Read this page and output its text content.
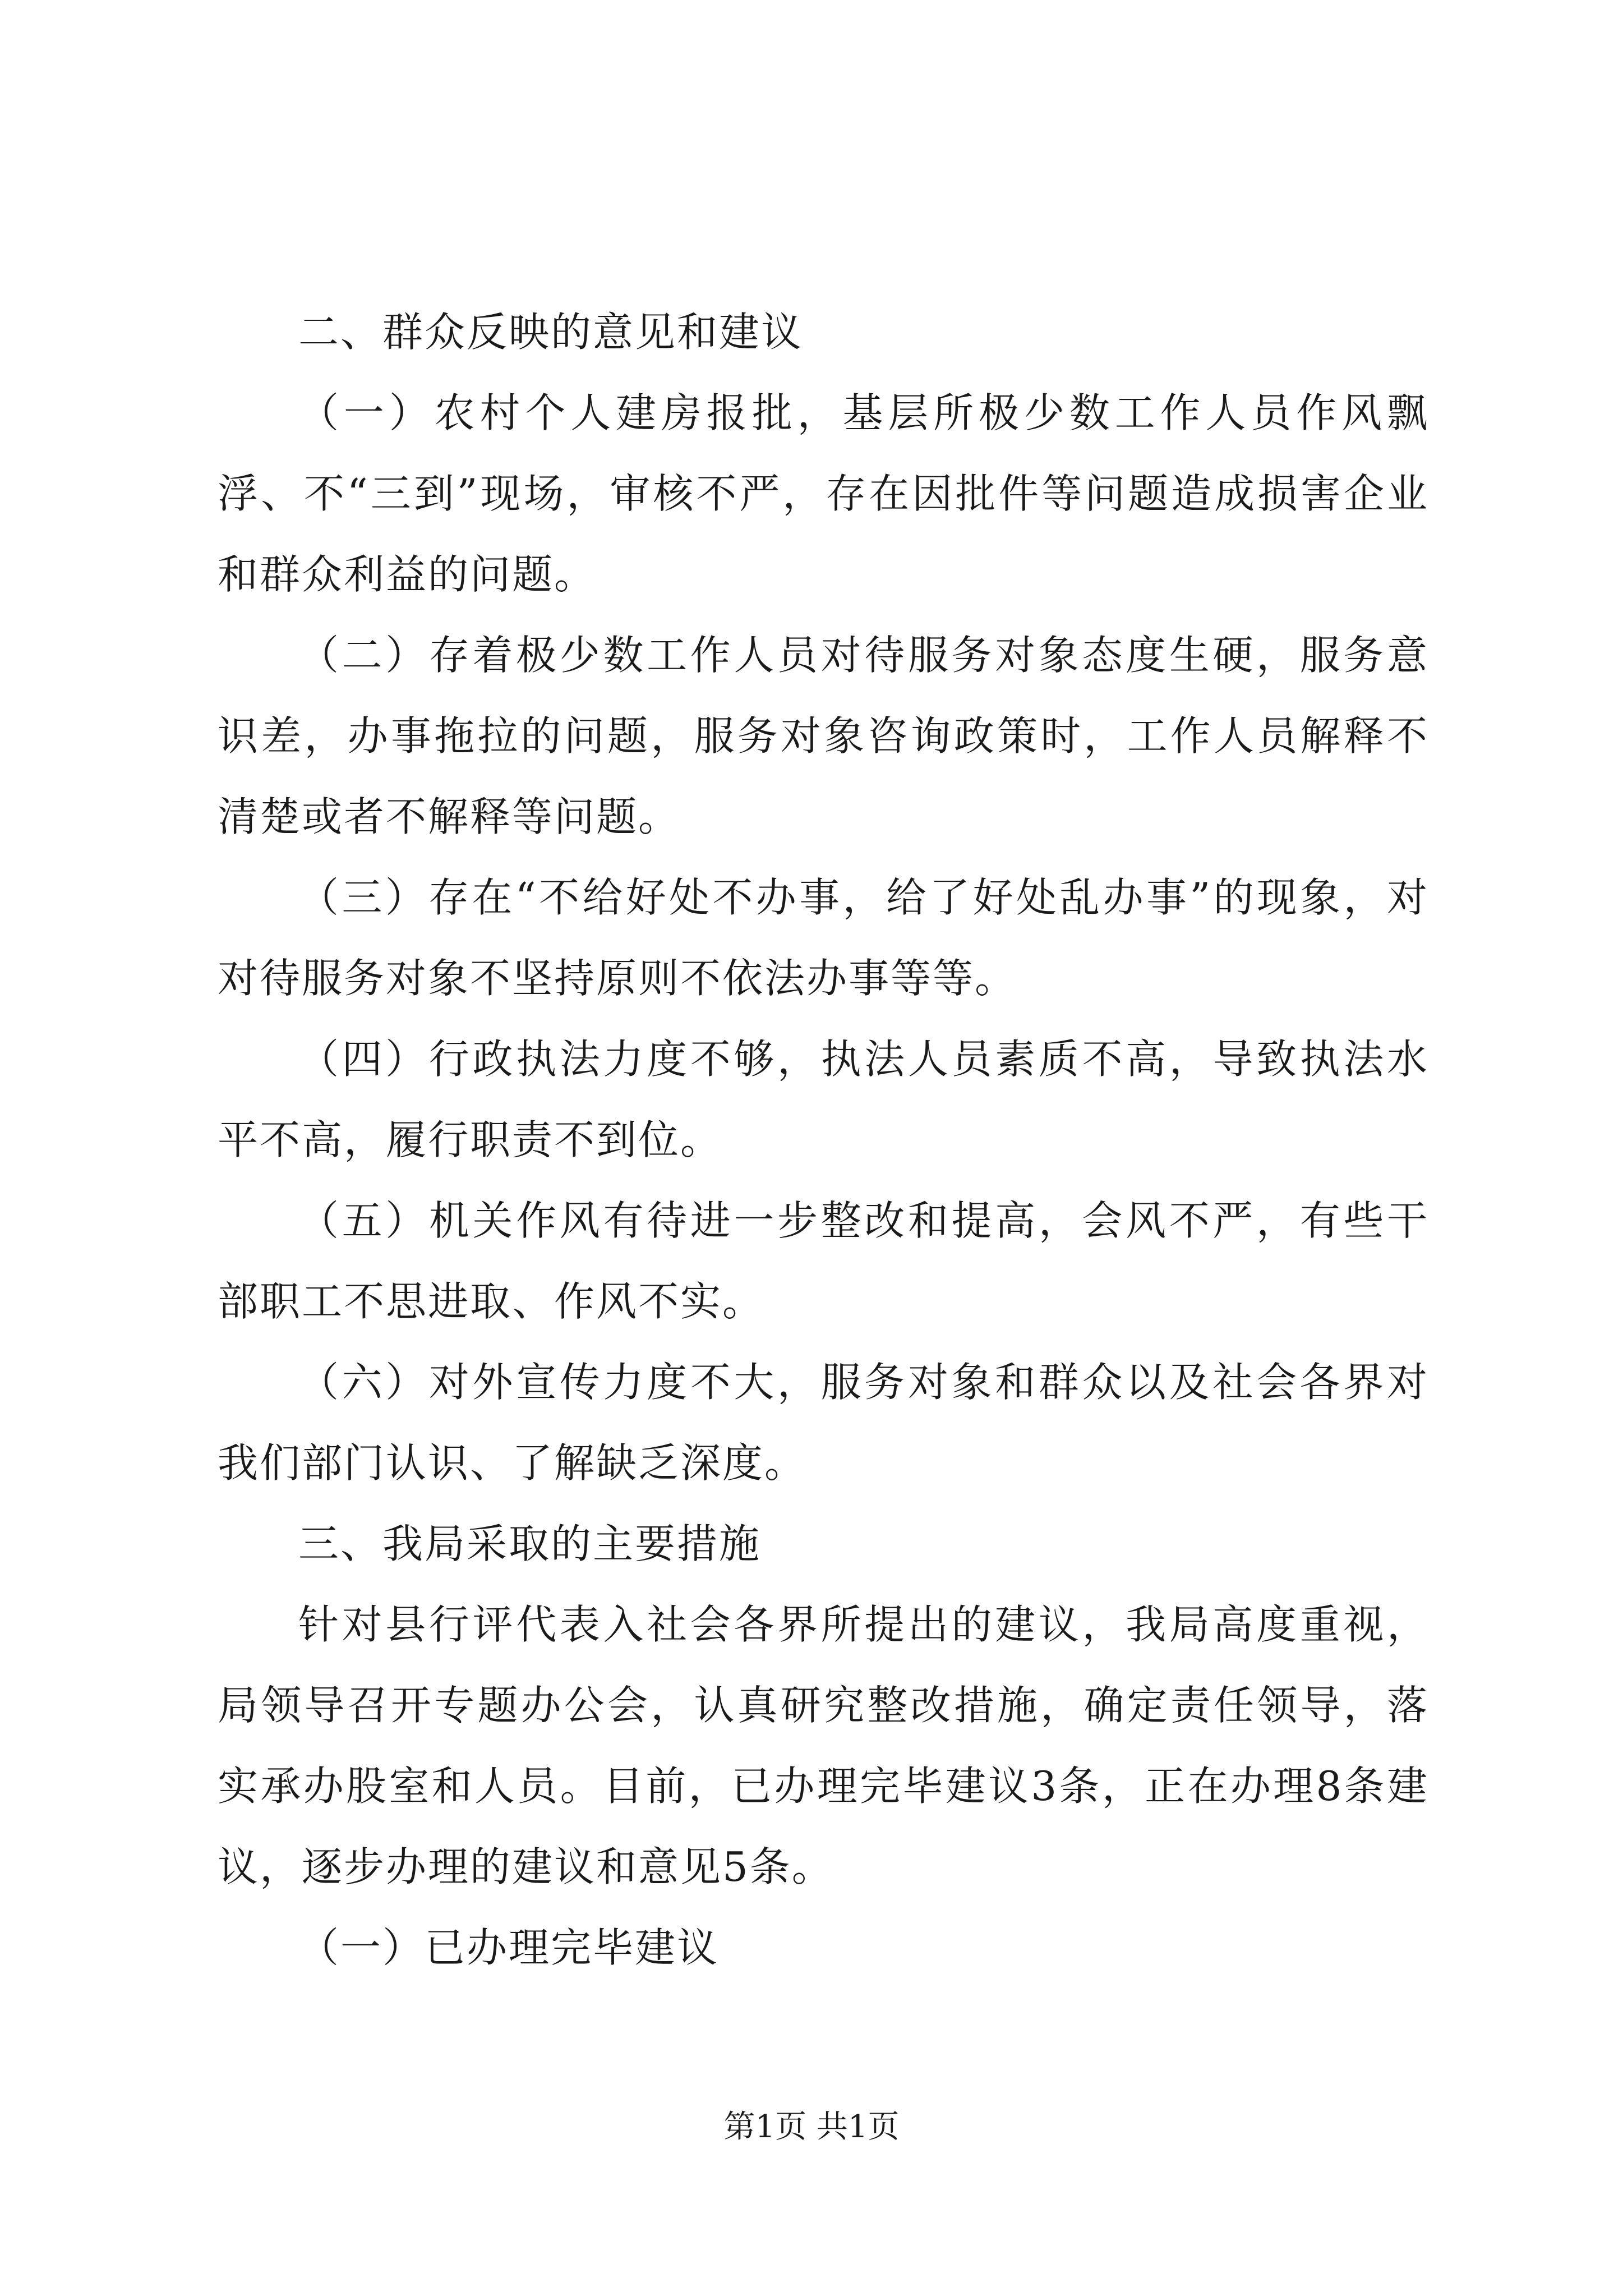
二、群众反映的意见和建议

（一）农村个人建房报批，基层所极少数工作人员作风飘浮、不“三到”现场，审核不严，存在因批件等问题造成损害企业和群众利益的问题。

（二）存着极少数工作人员对待服务对象态度生硬，服务意识差，办事拖拉的问题，服务对象咨询政策时，工作人员解释不清楚或者不解释等问题。

（三）存在“不给好处不办事，给了好处乱办事”的现象，对对待服务对象不坚持原则不依法办事等等。

（四）行政执法力度不够，执法人员素质不高，导致执法水平不高，履行职责不到位。

（五）机关作风有待进一步整改和提高，会风不严，有些干部职工不思进取、作风不实。

（六）对外宣传力度不大，服务对象和群众以及社会各界对我们部门认识、了解缺乏深度。

三、我局采取的主要措施

针对县行评代表入社会各界所提出的建议，我局高度重视，局领导召开专题办公会，认真研究整改措施，确定责任领导，落实承办股室和人员。目前，已办理完毕建议3条，正在办理8条建议，逐步办理的建议和意见5条。

（一）已办理完毕建议

第1页 共1页
